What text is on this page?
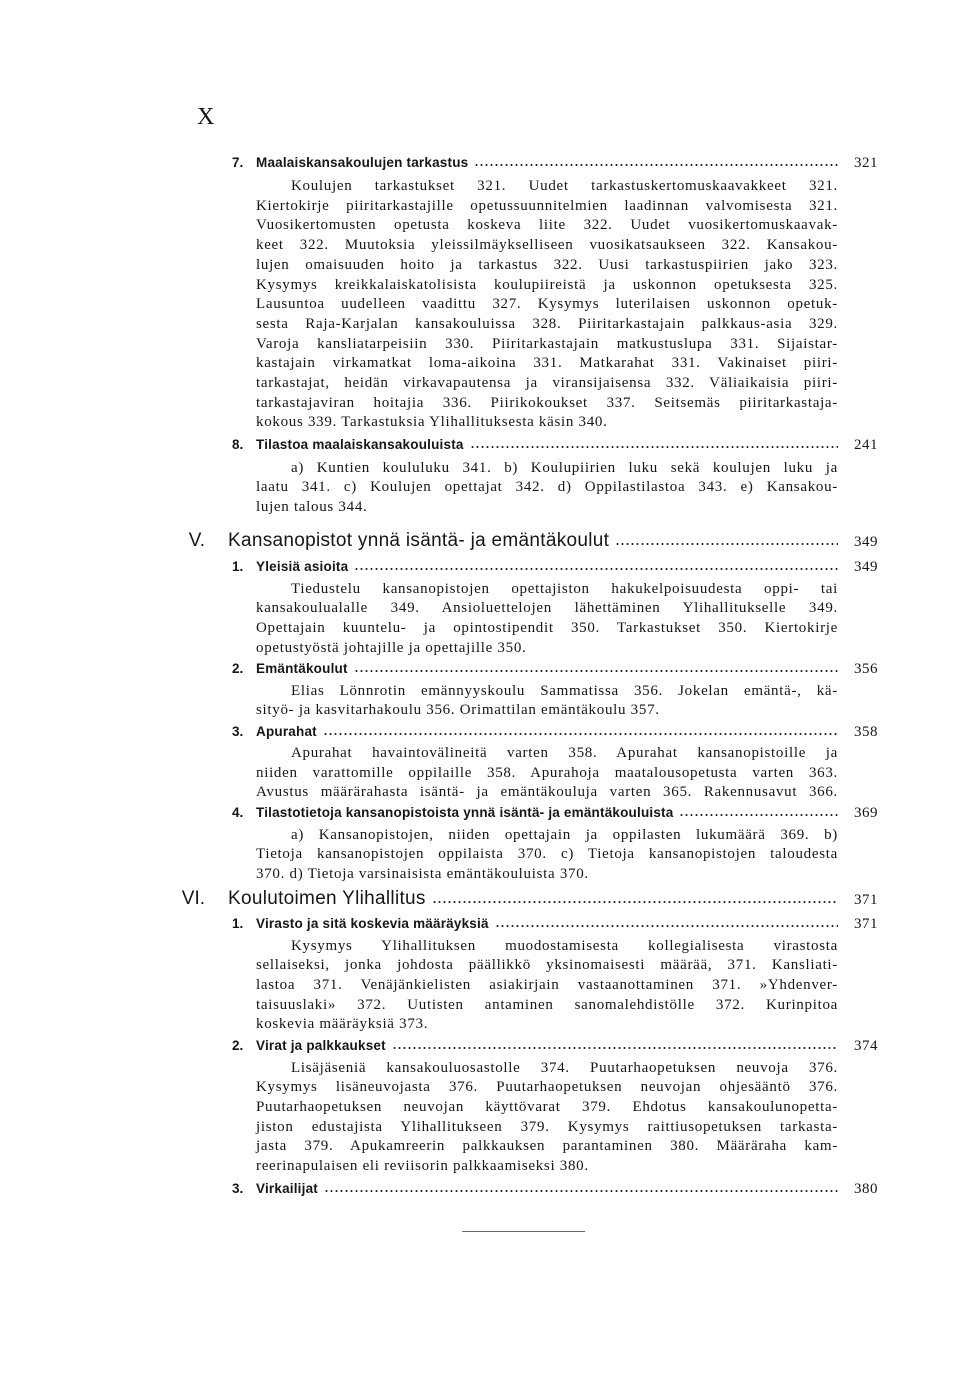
X
7. Maalaiskansakoulujen tarkastus	321
Koulujen tarkastukset 321. Uudet tarkastuskertomuskaavakkeet 321.
Kiertokirje piiritarkastajille opetussuunnitelmien laadinnan valvomisesta 321.
Vuosikertomusten opetusta koskeva liite 322. Uudet vuosikertomuskaavak-
keet 322. Muutoksia yleissilmäykselliseen vuosikatsaukseen 322. Kansakou-
lujen omaisuuden hoito ja tarkastus 322. Uusi tarkastuspiirien jako 323.
Kysymys kreikkalaiskatolisista koulupiireistä ja uskonnon opetuksesta 325.
Lausuntoa uudelleen vaadittu 327. Kysymys luterilaisen uskonnon opetuk-
sesta Raja-Karjalan kansakouluissa 328. Piiritarkastajain palkkaus-asia 329.
Varoja kansliatarpeisiin 330. Piiritarkastajain matkustuslupa 331. Sijaistar-
kastajain virkamatkat loma-aikoina 331. Matkarahat 331. Vakinaiset piiri-
tarkastajat, heidän virkavapautensa ja viransijaisensa 332. Väliaikaisia piiri-
tarkastajaviran hoitajia 336. Piirikokoukset 337. Seitsemäs piiritarkastaja-
kokous 339. Tarkastuksia Ylihallituksesta käsin 340.
8. Tilastoa maalaiskansakouluista	241
a) Kuntien koululuku 341. b) Koulupiirien luku sekä koulujen luku ja
laatu 341. c) Koulujen opettajat 342. d) Oppilastilastoa 343. e) Kansakou-
lujen talous 344.
V. Kansanopistot ynnä isäntä- ja emäntäkoulut	349
1. Yleisiä asioita	349
Tiedustelu kansanopistojen opettajiston hakukelpoisuudesta oppi- tai
kansakoulualalle 349. Ansioluettelojen lähettäminen Ylihallitukselle 349.
Opettajain kuuntelu- ja opintostipendit 350. Tarkastukset 350. Kiertokirje
opetustyöstä johtajille ja opettajille 350.
2. Emäntäkoulut	356
Elias Lönnrotin emännyyskoulu Sammatissa 356. Jokelan emäntä-, kä-
sityö- ja kasvitarhakoulu 356. Orimattilan emäntäkoulu 357.
3. Apurahat	358
Apurahat havaintovälineitä varten 358. Apurahat kansanopistoille ja
niiden varattomille oppilaille 358. Apurahoja maatalousopetusta varten 363.
Avustus määrärahasta isäntä- ja emäntäkouluja varten 365. Rakennusavut 366.
4. Tilastotietoja kansanopistoista ynnä isäntä- ja emäntäkouluista	369
a) Kansanopistojen, niiden opettajain ja oppilasten lukumäärä 369. b)
Tietoja kansanopistojen oppilaista 370. c) Tietoja kansanopistojen taloudesta
370. d) Tietoja varsinaisista emäntäkouluista 370.
VI. Koulutoimen Ylihallitus	371
1. Virasto ja sitä koskevia määräyksiä	371
Kysymys Ylihallituksen muodostamisesta kollegialisesta virastosta
sellaiseksi, jonka johdosta päällikkö yksinomaisesti määrää, 371. Kansliati-
lastoa 371. Venäjänkielisten asiakirjain vastaanottaminen 371. »Yhdenver-
taisuuslaki» 372. Uutisten antaminen sanomalehdistölle 372. Kurinpitoa
koskevia määräyksiä 373.
2. Virat ja palkkaukset	374
Lisäjäseniä kansakouluosastolle 374. Puutarhaopetuksen neuvoja 376.
Kysymys lisäneuvojasta 376. Puutarhaopetuksen neuvojan ohjesääntö 376.
Puutarhaopetuksen neuvojan käyttövarat 379. Ehdotus kansakoulunopetta-
jiston edustajista Ylihallitukseen 379. Kysymys raittiusopetuksen tarkasta-
jasta 379. Apukamreerin palkkauksen parantaminen 380. Määräraha kam-
reerinapulaisen eli reviisorin palkkaamiseksi 380.
3. Virkailijat	380
